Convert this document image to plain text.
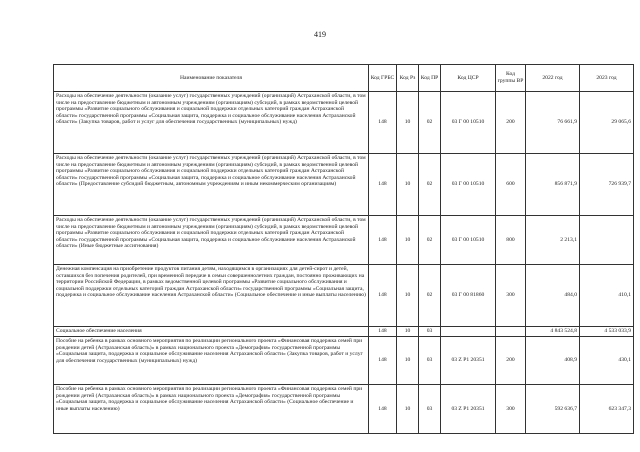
419
Наименование показателя	Код ГРБС	Код Рз	Код ПР	Код ЦСР	Код группы ВР	2022 год	2023 год
Расходы на обеспечение деятельности (оказание услуг) государственных учреждений (организаций) Астраханской области, в том числе на предоставление бюджетным и автономным учреждениям (организациям) субсидий, в рамках ведомственной целевой программы «Развитие социального обслуживания и социальной поддержки отдельных категорий граждан Астраханской области» государственной программы «Социальная защита, поддержка и социальное обслуживание населения Астраханской области» (Закупка товаров, работ и услуг для обеспечения государственных (муниципальных) нужд)	148	10	02	03 Г 00 10510	200	76 661,9	29 065,6
Расходы на обеспечение деятельности (оказание услуг) государственных учреждений (организаций) Астраханской области, в том числе на предоставление бюджетным и автономным учреждениям (организациям) субсидий, в рамках ведомственной целевой программы «Развитие социального обслуживания и социальной поддержки отдельных категорий граждан Астраханской области» государственной программы «Социальная защита, поддержка и социальное обслуживание населения Астраханской области» (Предоставление субсидий бюджетным, автономным учреждениям и иным некоммерческим организациям)	148	10	02	03 Г 00 10510	600	856 871,9	726 939,7
Расходы на обеспечение деятельности (оказание услуг) государственных учреждений (организаций) Астраханской области, в том числе на предоставление бюджетным и автономным учреждениям (организациям) субсидий, в рамках ведомственной целевой программы «Развитие социального обслуживания и социальной поддержки отдельных категорий граждан Астраханской области» государственной программы «Социальная защита, поддержка и социальное обслуживание населения Астраханской области» (Иные бюджетные ассигнования)	148	10	02	03 Г 00 10510	800	2 213,1	
Денежная компенсация на приобретение продуктов питания детям, находящимся в организациях для детей-сирот и детей, оставшихся без попечения родителей, при временной передаче в семьи совершеннолетних граждан, постоянно проживающих на территории Российской Федерации, в рамках ведомственной целевой программы «Развитие социального обслуживания и социальной поддержки отдельных категорий граждан Астраханской области» государственной программы «Социальная защита, поддержка и социальное обслуживание населения Астраханской области» (Социальное обеспечение и иные выплаты населению)	148	10	02	03 Г 00 81860	300	484,0	410,1
Социальное обеспечение населения	148	10	03			4 843 524,8	4 533 033,9
Пособие на ребенка в рамках основного мероприятия по реализации регионального проекта «Финансовая поддержка семей при рождении детей (Астраханская область)» в рамках национального проекта «Демография» государственной программы «Социальная защита, поддержка и социальное обслуживание населения Астраханской области» (Закупка товаров, работ и услуг для обеспечения государственных (муниципальных) нужд)	148	10	03	03 Z P1 20351	200	408,9	430,1
Пособие на ребенка в рамках основного мероприятия по реализации регионального проекта «Финансовая поддержка семей при рождении детей (Астраханская область)» в рамках национального проекта «Демография» государственной программы «Социальная защита, поддержка и социальное обслуживание населения Астраханской области» (Социальное обеспечение и иные выплаты населению)	148	10	03	03 Z P1 20351	300	592 636,7	623 347,3
